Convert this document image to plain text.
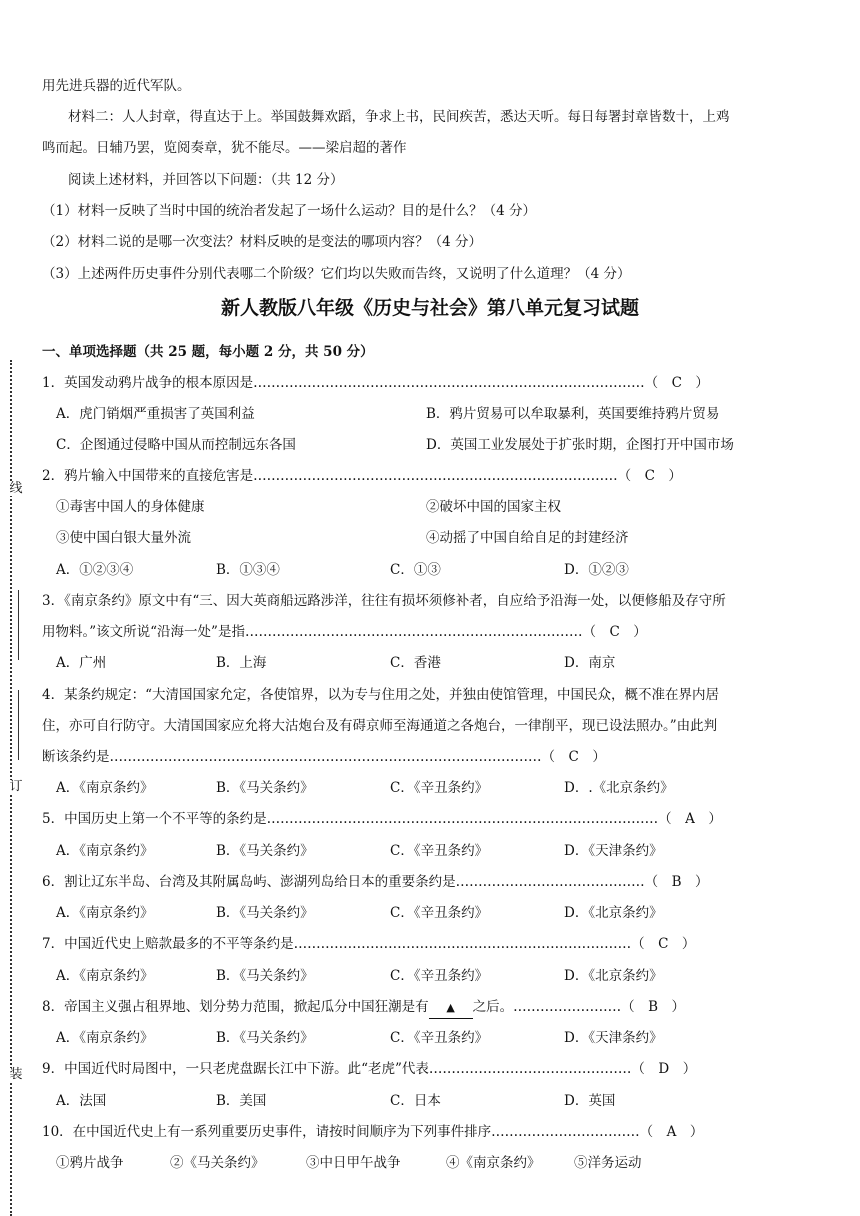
线
订
装
用先进兵器的近代军队。
材料二：人人封章，得直达于上。举国鼓舞欢蹈，争求上书，民间疾苦，悉达天听。每日每署封章皆数十，上鸡
鸣而起。日辅乃罢，览阅奏章，犹不能尽。——梁启超的著作
阅读上述材料，并回答以下问题：（共 12 分）
（1）材料一反映了当时中国的统治者发起了一场什么运动？目的是什么？（4 分）
（2）材料二说的是哪一次变法？材料反映的是变法的哪项内容？（4 分）
（3）上述两件历史事件分别代表哪二个阶级？它们均以失败而告终，又说明了什么道理？（4 分）
新人教版八年级《历史与社会》第八单元复习试题
一、单项选择题（共 25 题，每小题 2 分，共 50 分）
1．英国发动鸦片战争的根本原因是……………………………………………………………………………（　C　）
A．虎门销烟严重损害了英国利益	B．鸦片贸易可以牟取暴利，英国要维持鸦片贸易
C．企图通过侵略中国从而控制远东各国	D．英国工业发展处于扩张时期，企图打开中国市场
2．鸦片输入中国带来的直接危害是………………………………………………………………………（　C　）
①毒害中国人的身体健康	②破坏中国的国家主权
③使中国白银大量外流	④动摇了中国自给自足的封建经济
A．①②③④	B．①③④	C．①③	D．①②③
3．《南京条约》原文中有“三、因大英商船远路涉洋，往往有损坏须修补者，自应给予沿海一处，以便修船及存守所
用物料。”该文所说“沿海一处”是指…………………………………………………………………（　C　）
A．广州	B．上海	C．香港	D．南京
4．某条约规定：“大清国国家允定，各使馆界，以为专与住用之处，并独由使馆管理，中国民众，概不准在界内居
住，亦可自行防守。大清国国家应允将大沽炮台及有碍京师至海通道之各炮台，一律削平，现已设法照办。”由此判
断该条约是……………………………………………………………………………………（　C　）
A．《南京条约》	B．《马关条约》	C．《辛丑条约》	D．.《北京条约》
5．中国历史上第一个不平等的条约是……………………………………………………………………………（　A　）
A．《南京条约》	B．《马关条约》	C．《辛丑条约》	D．《天津条约》
6．割让辽东半岛、台湾及其附属岛屿、澎湖列岛给日本的重要条约是……………………………………（　B　）
A．《南京条约》	B．《马关条约》	C．《辛丑条约》	D．《北京条约》
7．中国近代史上赔款最多的不平等条约是…………………………………………………………………（　C　）
A．《南京条约》	B．《马关条约》	C．《辛丑条约》	D．《北京条约》
8．帝国主义强占租界地、划分势力范围，掀起瓜分中国狂潮是有 ▲ 之后。……………………（　B　）
A．《南京条约》	B．《马关条约》	C．《辛丑条约》	D．《天津条约》
9．中国近代时局图中，一只老虎盘踞长江中下游。此“老虎”代表………………………………………（　D　）
A．法国	B．美国	C．日本	D．英国
10．在中国近代史上有一系列重要历史事件，请按时间顺序为下列事件排序……………………………（　A　）
①鸦片战争	②《马关条约》	③中日甲午战争	④《南京条约》	⑤洋务运动
